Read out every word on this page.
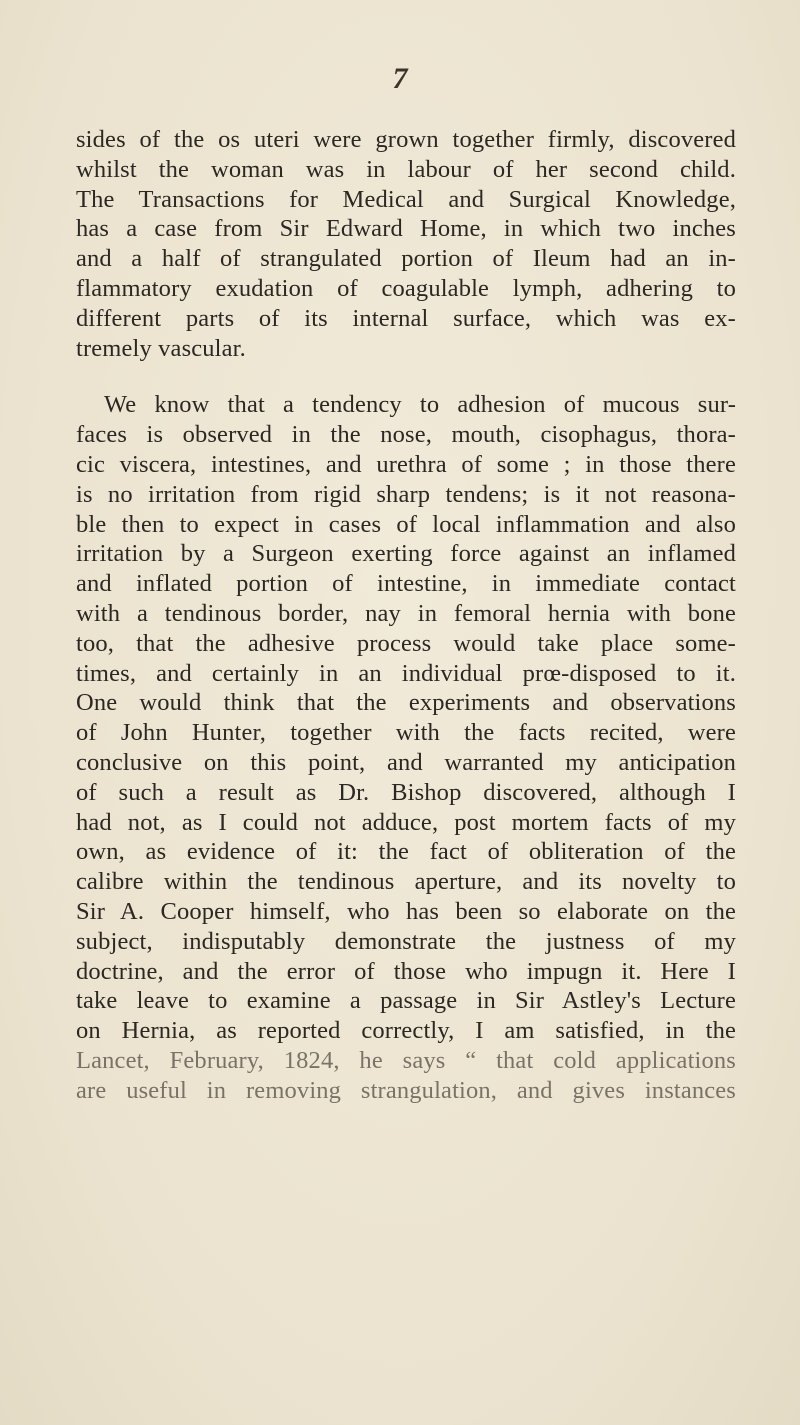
7
sides of the os uteri were grown together firmly, discovered
whilst the woman was in labour of her second child.
The Transactions for Medical and Surgical Knowledge,
has a case from Sir Edward Home, in which two inches
and a half of strangulated portion of Ileum had an in-
flammatory exudation of coagulable lymph, adhering to
different parts of its internal surface, which was ex-
tremely vascular.
We know that a tendency to adhesion of mucous sur-
faces is observed in the nose, mouth, cisophagus, thora-
cic viscera, intestines, and urethra of some ; in those there
is no irritation from rigid sharp tendens; is it not reasona-
ble then to expect in cases of local inflammation and also
irritation by a Surgeon exerting force against an inflamed
and inflated portion of intestine, in immediate contact
with a tendinous border, nay in femoral hernia with bone
too, that the adhesive process would take place some-
times, and certainly in an individual prœ-disposed to it.
One would think that the experiments and observations
of John Hunter, together with the facts recited, were
conclusive on this point, and warranted my anticipation
of such a result as Dr. Bishop discovered, although I
had not, as I could not adduce, post mortem facts of my
own, as evidence of it: the fact of obliteration of the
calibre within the tendinous aperture, and its novelty to
Sir A. Cooper himself, who has been so elaborate on the
subject, indisputably demonstrate the justness of my
doctrine, and the error of those who impugn it. Here I
take leave to examine a passage in Sir Astley's Lecture
on Hernia, as reported correctly, I am satisfied, in the
Lancet, February, 1824, he says “ that cold applications
are useful in removing strangulation, and gives instances
